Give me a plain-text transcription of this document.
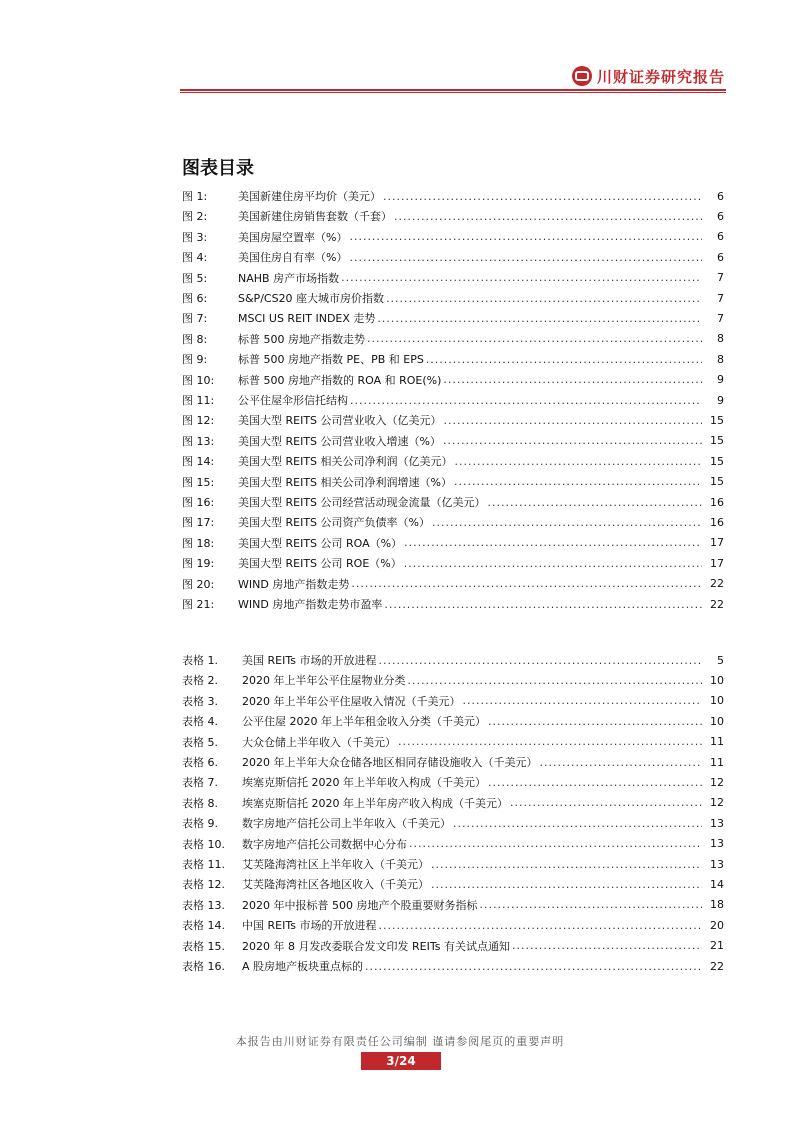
川财证券研究报告
图表目录
图 1:	美国新建住房平均价（美元） .....	6
图 2:	美国新建住房销售套数（千套） .....	6
图 3:	美国房屋空置率（%） .....	6
图 4:	美国住房自有率（%） .....	6
图 5:	NAHB 房产市场指数 .....	7
图 6:	S&P/CS20 座大城市房价指数 .....	7
图 7:	MSCI US REIT INDEX 走势 .....	7
图 8:	标普 500 房地产指数走势 .....	8
图 9:	标普 500 房地产指数 PE、PB 和 EPS .....	8
图 10:	标普 500 房地产指数的 ROA 和 ROE(%) .....	9
图 11:	公平住屋伞形信托结构 .....	9
图 12:	美国大型 REITS 公司营业收入（亿美元） .....	15
图 13:	美国大型 REITS 公司营业收入增速（%） .....	15
图 14:	美国大型 REITS 相关公司净利润（亿美元） .....	15
图 15:	美国大型 REITS 相关公司净利润增速（%） .....	15
图 16:	美国大型 REITS 公司经营活动现金流量（亿美元） .....	16
图 17:	美国大型 REITS 公司资产负债率（%） .....	16
图 18:	美国大型 REITS 公司 ROA（%） .....	17
图 19:	美国大型 REITS 公司 ROE（%） .....	17
图 20:	WIND 房地产指数走势 .....	22
图 21:	WIND 房地产指数走势市盈率 .....	22
表格 1.	美国 REITs 市场的开放进程 .....	5
表格 2.	2020 年上半年公平住屋物业分类 .....	10
表格 3.	2020 年上半年公平住屋收入情况（千美元） .....	10
表格 4.	公平住屋 2020 年上半年租金收入分类（千美元） .....	10
表格 5.	大众仓储上半年收入（千美元） .....	11
表格 6.	2020 年上半年大众仓储各地区相同存储设施收入（千美元） .....	11
表格 7.	埃塞克斯信托 2020 年上半年收入构成（千美元） .....	12
表格 8.	埃塞克斯信托 2020 年上半年房产收入构成（千美元） .....	12
表格 9.	数字房地产信托公司上半年收入（千美元） .....	13
表格 10.	数字房地产信托公司数据中心分布 .....	13
表格 11.	艾芙隆海湾社区上半年收入（千美元） .....	13
表格 12.	艾芙隆海湾社区各地区收入（千美元） .....	14
表格 13.	2020 年中报标普 500 房地产个股重要财务指标 .....	18
表格 14.	中国 REITs 市场的开放进程 .....	20
表格 15.	2020 年 8 月发改委联合发文印发 REITs 有关试点通知 .....	21
表格 16.	A 股房地产板块重点标的 .....	22
本报告由川财证券有限责任公司编制 谨请参阅尾页的重要声明
3/24
